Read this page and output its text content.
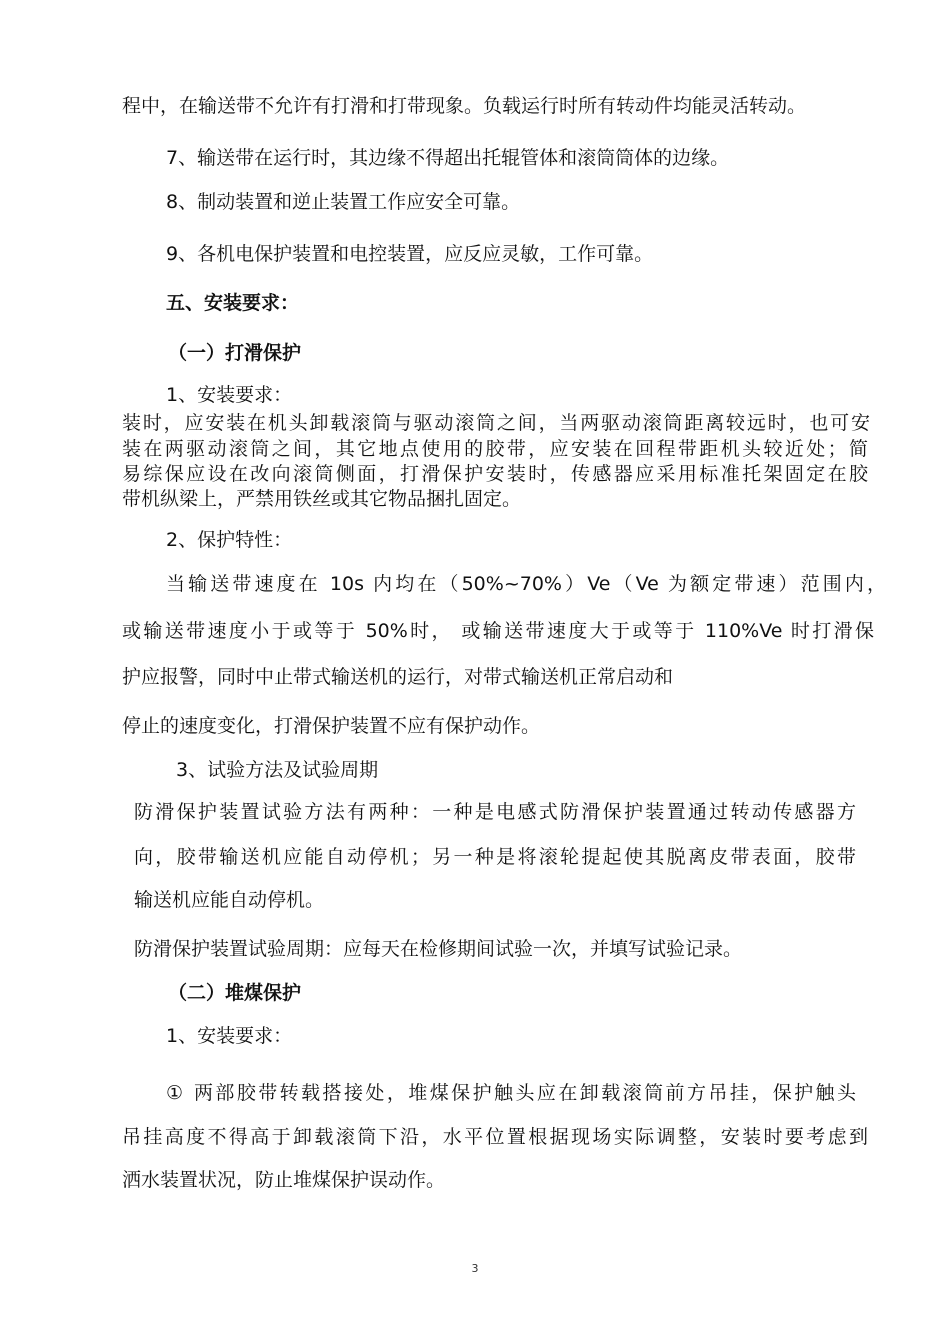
程中，在输送带不允许有打滑和打带现象。负载运行时所有转动件均能灵活转动。
7、输送带在运行时，其边缘不得超出托辊管体和滚筒筒体的边缘。
8、制动装置和逆止装置工作应安全可靠。
9、各机电保护装置和电控装置，应反应灵敏，工作可靠。
五、安装要求：
（一）打滑保护
1、安装要求：
装时，应安装在机头卸载滚筒与驱动滚筒之间，当两驱动滚筒距离较远时，也可安
装在两驱动滚筒之间，其它地点使用的胶带，应安装在回程带距机头较近处；简
易综保应设在改向滚筒侧面，打滑保护安装时，传感器应采用标准托架固定在胶
带机纵梁上，严禁用铁丝或其它物品捆扎固定。
2、保护特性：
当输送带速度在 10s 内均在（50%~70%）Ve（Ve 为额定带速）范围内，
或输送带速度小于或等于 50%时， 或输送带速度大于或等于 110%Ve 时打滑保
护应报警，同时中止带式输送机的运行，对带式输送机正常启动和
停止的速度变化，打滑保护装置不应有保护动作。
3、试验方法及试验周期
防滑保护装置试验方法有两种：一种是电感式防滑保护装置通过转动传感器方
向，胶带输送机应能自动停机；另一种是将滚轮提起使其脱离皮带表面，胶带
输送机应能自动停机。
防滑保护装置试验周期：应每天在检修期间试验一次，并填写试验记录。
（二）堆煤保护
1、安装要求：
① 两部胶带转载搭接处，堆煤保护触头应在卸载滚筒前方吊挂，保护触头
吊挂高度不得高于卸载滚筒下沿，水平位置根据现场实际调整，安装时要考虑到
洒水装置状况，防止堆煤保护误动作。
3
